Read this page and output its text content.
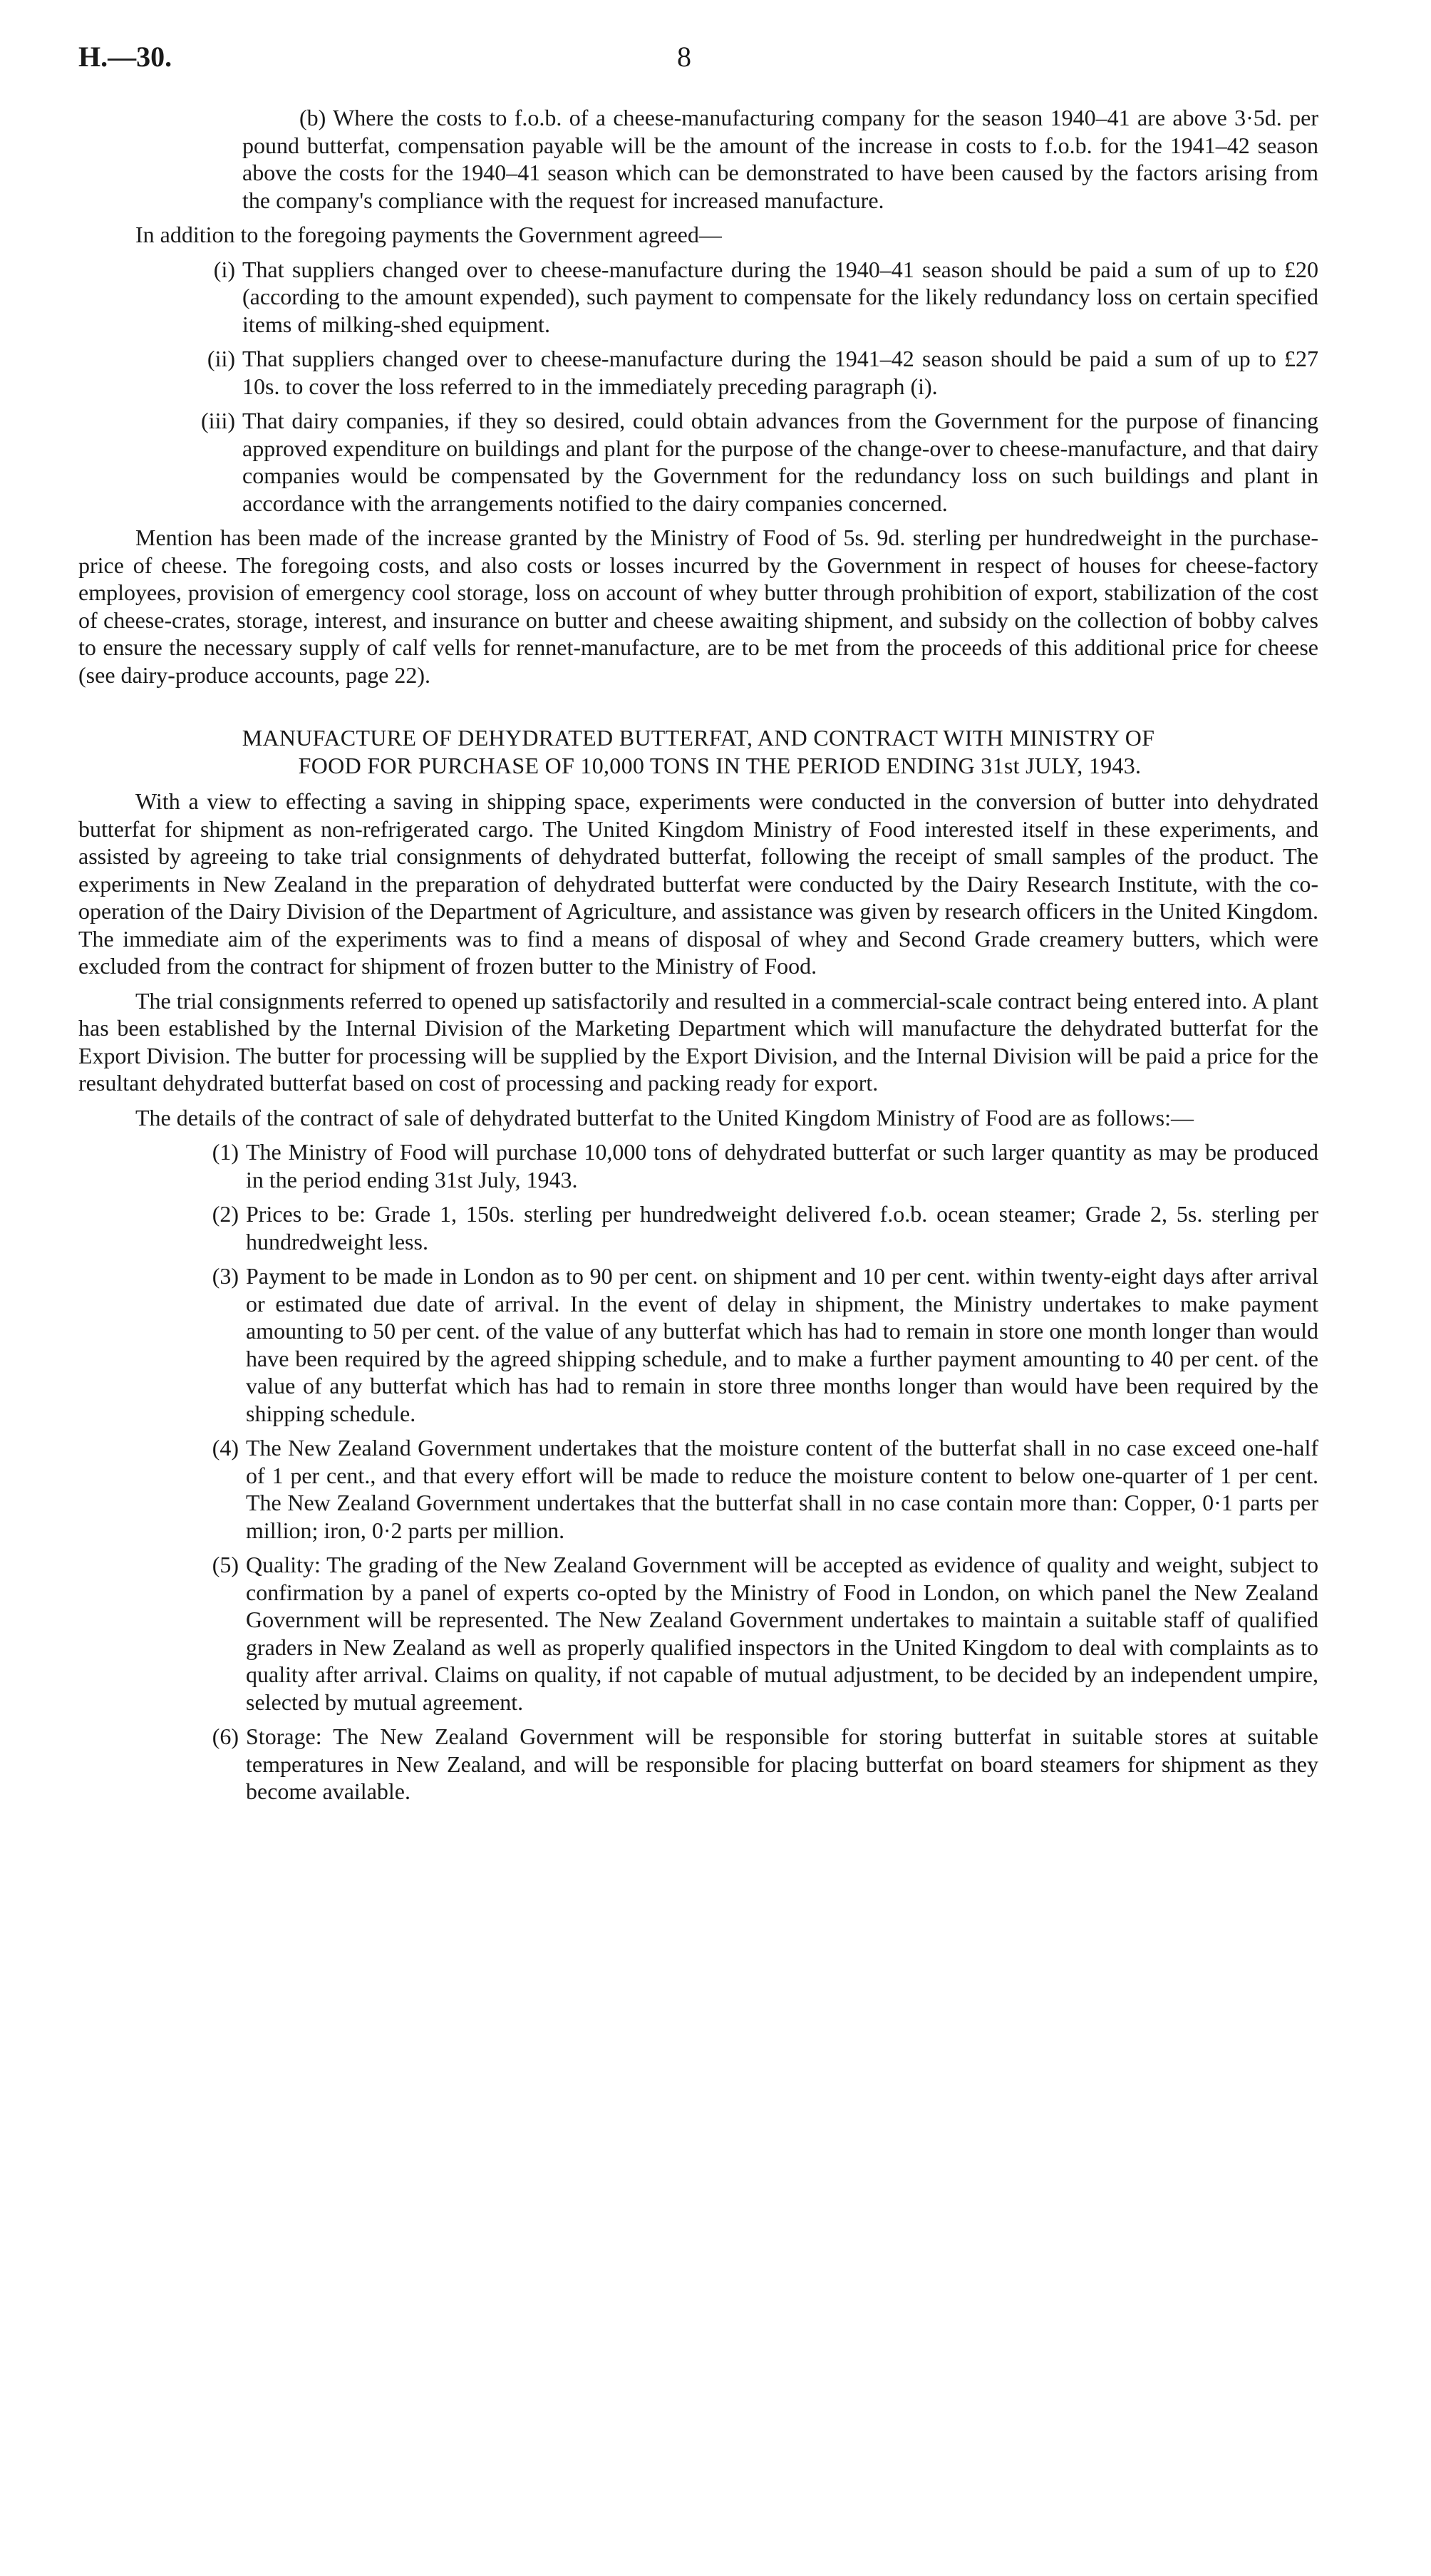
H.—30.	8

(b) Where the costs to f.o.b. of a cheese-manufacturing company for the season 1940–41 are above 3·5d. per pound butterfat, compensation payable will be the amount of the increase in costs to f.o.b. for the 1941–42 season above the costs for the 1940–41 season which can be demonstrated to have been caused by the factors arising from the company's compliance with the request for increased manufacture.

In addition to the foregoing payments the Government agreed—

(i) That suppliers changed over to cheese-manufacture during the 1940–41 season should be paid a sum of up to £20 (according to the amount expended), such payment to compensate for the likely redundancy loss on certain specified items of milking-shed equipment.
(ii) That suppliers changed over to cheese-manufacture during the 1941–42 season should be paid a sum of up to £27 10s. to cover the loss referred to in the immediately preceding paragraph (i).
(iii) That dairy companies, if they so desired, could obtain advances from the Government for the purpose of financing approved expenditure on buildings and plant for the purpose of the change-over to cheese-manufacture, and that dairy companies would be compensated by the Government for the redundancy loss on such buildings and plant in accordance with the arrangements notified to the dairy companies concerned.

Mention has been made of the increase granted by the Ministry of Food of 5s. 9d. sterling per hundredweight in the purchase-price of cheese. The foregoing costs, and also costs or losses incurred by the Government in respect of houses for cheese-factory employees, provision of emergency cool storage, loss on account of whey butter through prohibition of export, stabilization of the cost of cheese-crates, storage, interest, and insurance on butter and cheese awaiting shipment, and subsidy on the collection of bobby calves to ensure the necessary supply of calf vells for rennet-manufacture, are to be met from the proceeds of this additional price for cheese (see dairy-produce accounts, page 22).

MANUFACTURE OF DEHYDRATED BUTTERFAT, AND CONTRACT WITH MINISTRY OF
FOOD FOR PURCHASE OF 10,000 TONS IN THE PERIOD ENDING 31st JULY, 1943.

With a view to effecting a saving in shipping space, experiments were conducted in the conversion of butter into dehydrated butterfat for shipment as non-refrigerated cargo. The United Kingdom Ministry of Food interested itself in these experiments, and assisted by agreeing to take trial consignments of dehydrated butterfat, following the receipt of small samples of the product. The experiments in New Zealand in the preparation of dehydrated butterfat were conducted by the Dairy Research Institute, with the co-operation of the Dairy Division of the Department of Agriculture, and assistance was given by research officers in the United Kingdom. The immediate aim of the experiments was to find a means of disposal of whey and Second Grade creamery butters, which were excluded from the contract for shipment of frozen butter to the Ministry of Food.

The trial consignments referred to opened up satisfactorily and resulted in a commercial-scale contract being entered into. A plant has been established by the Internal Division of the Marketing Department which will manufacture the dehydrated butterfat for the Export Division. The butter for processing will be supplied by the Export Division, and the Internal Division will be paid a price for the resultant dehydrated butterfat based on cost of processing and packing ready for export.

The details of the contract of sale of dehydrated butterfat to the United Kingdom Ministry of Food are as follows:—

(1) The Ministry of Food will purchase 10,000 tons of dehydrated butterfat or such larger quantity as may be produced in the period ending 31st July, 1943.
(2) Prices to be: Grade 1, 150s. sterling per hundredweight delivered f.o.b. ocean steamer; Grade 2, 5s. sterling per hundredweight less.
(3) Payment to be made in London as to 90 per cent. on shipment and 10 per cent. within twenty-eight days after arrival or estimated due date of arrival. In the event of delay in shipment, the Ministry undertakes to make payment amounting to 50 per cent. of the value of any butterfat which has had to remain in store one month longer than would have been required by the agreed shipping schedule, and to make a further payment amounting to 40 per cent. of the value of any butterfat which has had to remain in store three months longer than would have been required by the shipping schedule.
(4) The New Zealand Government undertakes that the moisture content of the butterfat shall in no case exceed one-half of 1 per cent., and that every effort will be made to reduce the moisture content to below one-quarter of 1 per cent. The New Zealand Government undertakes that the butterfat shall in no case contain more than: Copper, 0·1 parts per million; iron, 0·2 parts per million.
(5) Quality: The grading of the New Zealand Government will be accepted as evidence of quality and weight, subject to confirmation by a panel of experts co-opted by the Ministry of Food in London, on which panel the New Zealand Government will be represented. The New Zealand Government undertakes to maintain a suitable staff of qualified graders in New Zealand as well as properly qualified inspectors in the United Kingdom to deal with complaints as to quality after arrival. Claims on quality, if not capable of mutual adjustment, to be decided by an independent umpire, selected by mutual agreement.
(6) Storage: The New Zealand Government will be responsible for storing butterfat in suitable stores at suitable temperatures in New Zealand, and will be responsible for placing butterfat on board steamers for shipment as they become available.
